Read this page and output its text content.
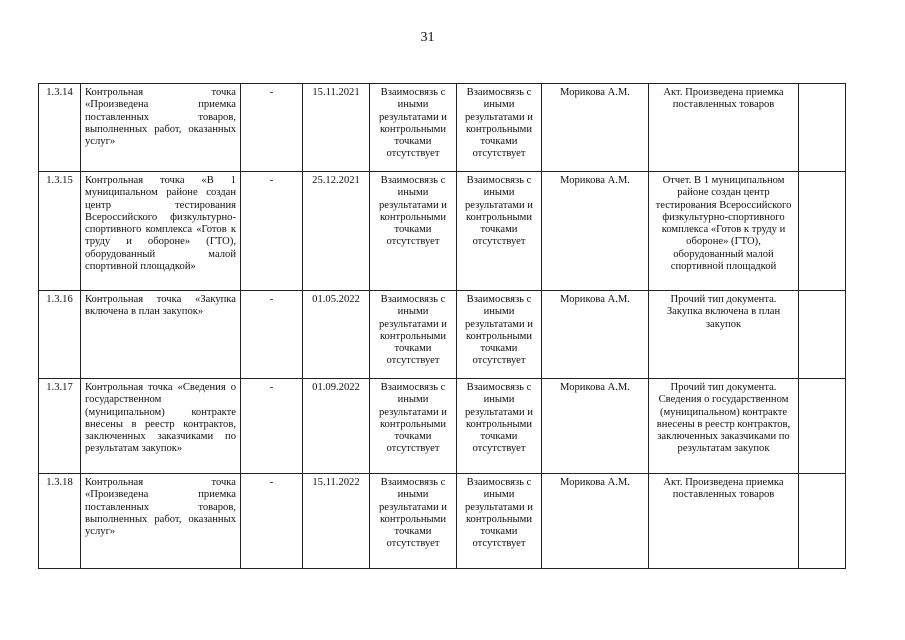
31
1.3.14	Контрольная точка «Произведена приемка поставленных товаров, выполненных работ, оказанных услуг»	-	15.11.2021	Взаимосвязь с иными результатами и контрольными точками отсутствует	Взаимосвязь с иными результатами и контрольными точками отсутствует	Морикова А.М.	Акт. Произведена приемка поставленных товаров	
1.3.15	Контрольная точка «В 1 муниципальном районе создан центр тестирования Всероссийского физкультурно-спортивного комплекса «Готов к труду и обороне» (ГТО), оборудованный малой спортивной площадкой»	-	25.12.2021	Взаимосвязь с иными результатами и контрольными точками отсутствует	Взаимосвязь с иными результатами и контрольными точками отсутствует	Морикова А.М.	Отчет. В 1 муниципальном районе создан центр тестирования Всероссийского физкультурно-спортивного комплекса «Готов к труду и обороне» (ГТО), оборудованный малой спортивной площадкой	
1.3.16	Контрольная точка «Закупка включена в план закупок»	-	01.05.2022	Взаимосвязь с иными результатами и контрольными точками отсутствует	Взаимосвязь с иными результатами и контрольными точками отсутствует	Морикова А.М.	Прочий тип документа. Закупка включена в план закупок	
1.3.17	Контрольная точка «Сведения о государственном (муниципальном) контракте внесены в реестр контрактов, заключенных заказчиками по результатам закупок»	-	01.09.2022	Взаимосвязь с иными результатами и контрольными точками отсутствует	Взаимосвязь с иными результатами и контрольными точками отсутствует	Морикова А.М.	Прочий тип документа. Сведения о государственном (муниципальном) контракте внесены в реестр контрактов, заключенных заказчиками по результатам закупок	
1.3.18	Контрольная точка «Произведена приемка поставленных товаров, выполненных работ, оказанных услуг»	-	15.11.2022	Взаимосвязь с иными результатами и контрольными точками отсутствует	Взаимосвязь с иными результатами и контрольными точками отсутствует	Морикова А.М.	Акт. Произведена приемка поставленных товаров	
